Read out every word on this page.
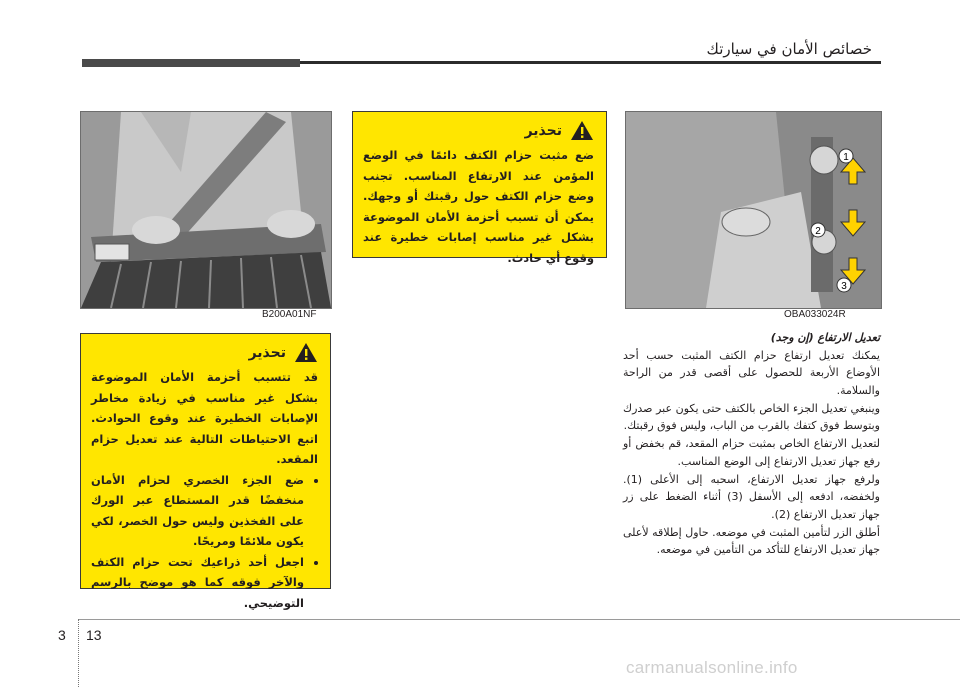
خصائص الأمان في سيارتك
B200A01NF
1
2
3
OBA033024R
تحذير

ضع مثبت حزام الكتف دائمًا في الوضع المؤمن عند الارتفاع المناسب. تجنب وضع حزام الكتف حول رقبتك أو وجهك. يمكن أن تسبب أحزمة الأمان الموضوعة بشكل غير مناسب إصابات خطيرة عند وقوع أي حادث.

تحذير

قد تتسبب أحزمة الأمان الموضوعة بشكل غير مناسب في زيادة مخاطر الإصابات الخطيرة عند وقوع الحوادث. اتبع الاحتياطات التالية عند تعديل حزام المقعد.

• ضع الجزء الخصري لحزام الأمان منخفضًا قدر المستطاع عبر الورك على الفخذين وليس حول الخصر، لكي يكون ملائمًا ومريحًا.
• اجعل أحد ذراعيك تحت حزام الكتف والآخر فوقه كما هو موضح بالرسم التوضيحي.
تعديل الارتفاع (إن وجد)

يمكنك تعديل ارتفاع حزام الكتف المثبت حسب أحد الأوضاع الأربعة للحصول على أقصى قدر من الراحة والسلامة.

وينبغي تعديل الجزء الخاص بالكتف حتى يكون عبر صدرك وبتوسط فوق كتفك بالقرب من الباب، وليس فوق رقبتك.

لتعديل الارتفاع الخاص بمثبت حزام المقعد، قم بخفض أو رفع جهاز تعديل الارتفاع إلى الوضع المناسب.

ولرفع جهاز تعديل الارتفاع، اسحبه إلى الأعلى (1). ولخفضه، ادفعه إلى الأسفل (3) أثناء الضغط على زر جهاز تعديل الارتفاع (2).

أطلق الزر لتأمين المثبت في موضعه. حاول إطلاقه لأعلى جهاز تعديل الارتفاع للتأكد من التأمين في موضعه.

13
3
carmanualsonline.info
